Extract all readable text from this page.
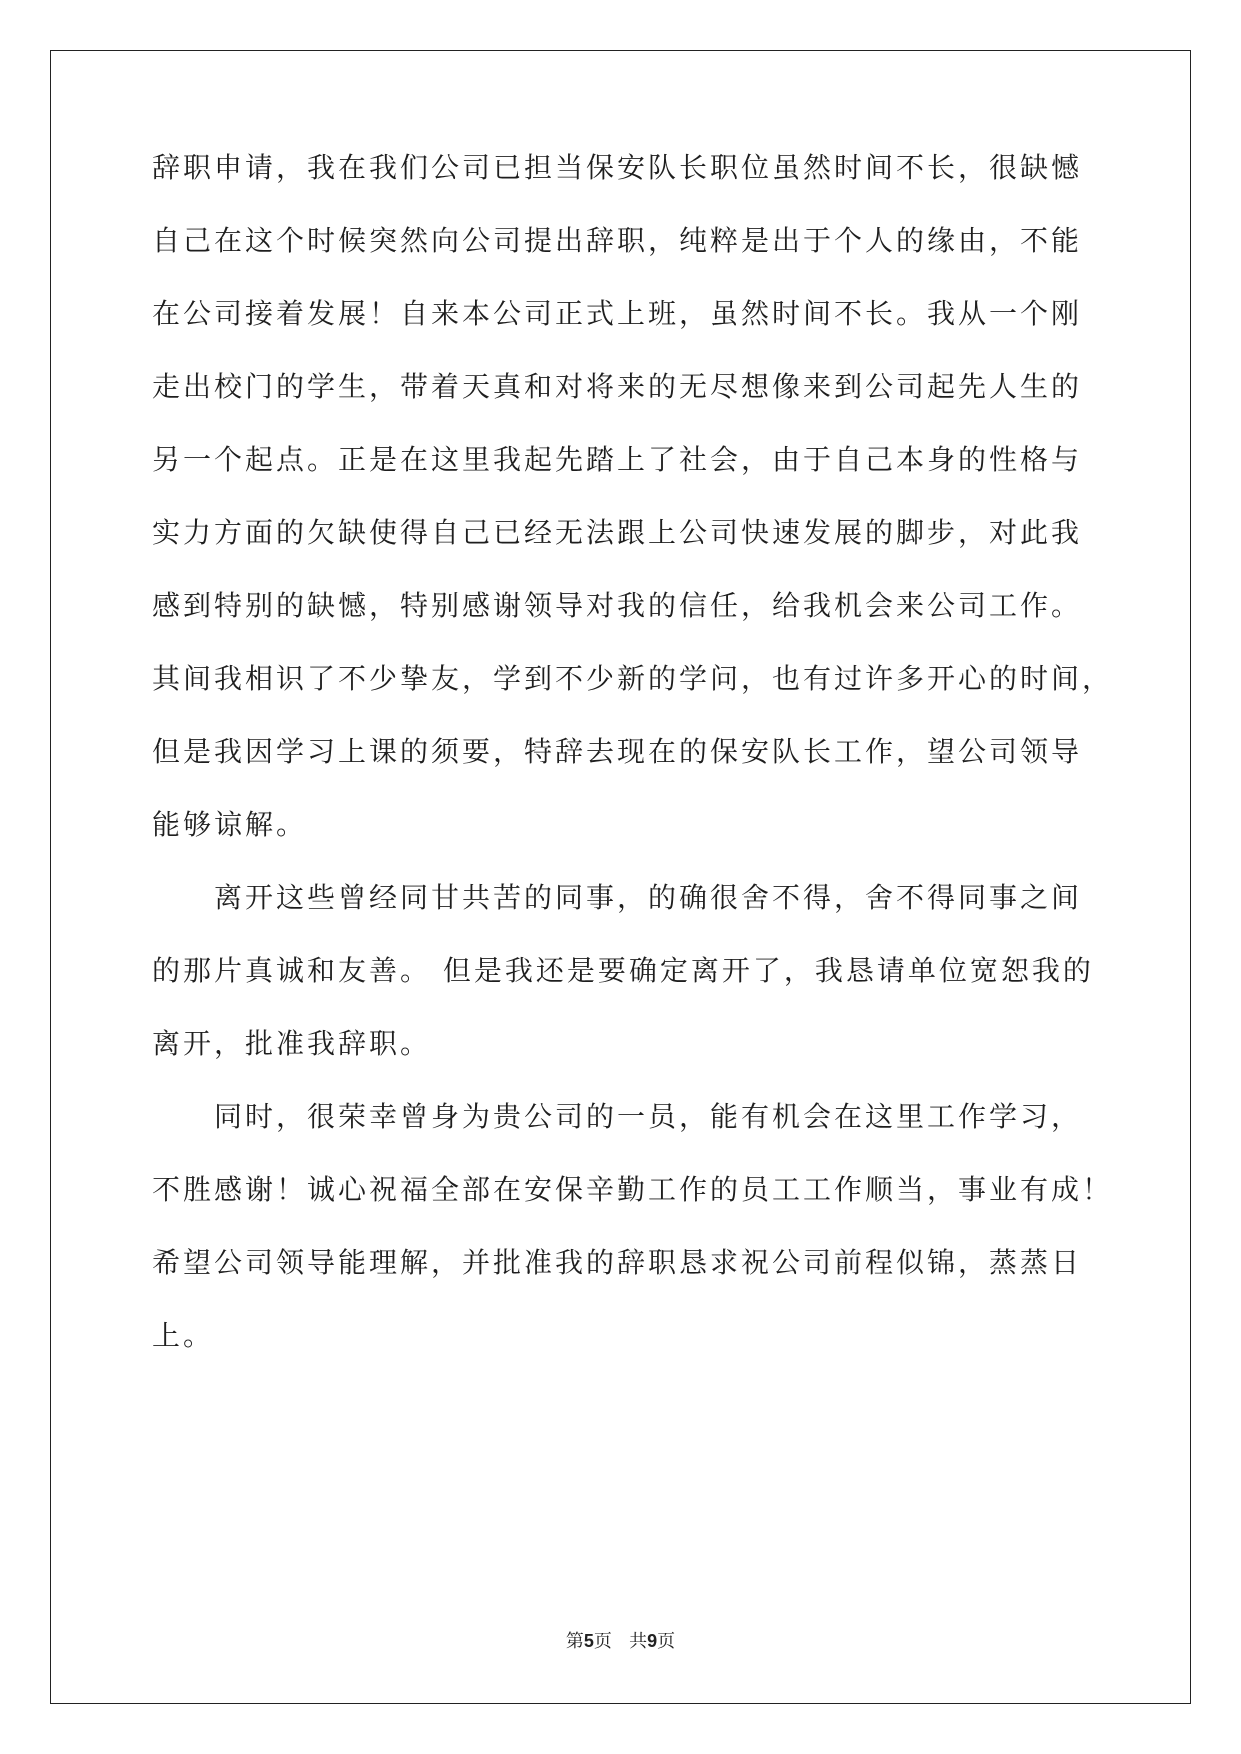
辞职申请，我在我们公司已担当保安队长职位虽然时间不长，很缺憾
自己在这个时候突然向公司提出辞职，纯粹是出于个人的缘由，不能
在公司接着发展！自来本公司正式上班，虽然时间不长。我从一个刚
走出校门的学生，带着天真和对将来的无尽想像来到公司起先人生的
另一个起点。正是在这里我起先踏上了社会，由于自己本身的性格与
实力方面的欠缺使得自己已经无法跟上公司快速发展的脚步，对此我
感到特别的缺憾，特别感谢领导对我的信任，给我机会来公司工作。
其间我相识了不少挚友，学到不少新的学问，也有过许多开心的时间，
但是我因学习上课的须要，特辞去现在的保安队长工作，望公司领导
能够谅解。
离开这些曾经同甘共苦的同事，的确很舍不得，舍不得同事之间
的那片真诚和友善。 但是我还是要确定离开了，我恳请单位宽恕我的
离开，批准我辞职。
同时，很荣幸曾身为贵公司的一员，能有机会在这里工作学习，
不胜感谢！诚心祝福全部在安保辛勤工作的员工工作顺当，事业有成！
希望公司领导能理解，并批准我的辞职恳求祝公司前程似锦，蒸蒸日
上。
第5页   共9页
